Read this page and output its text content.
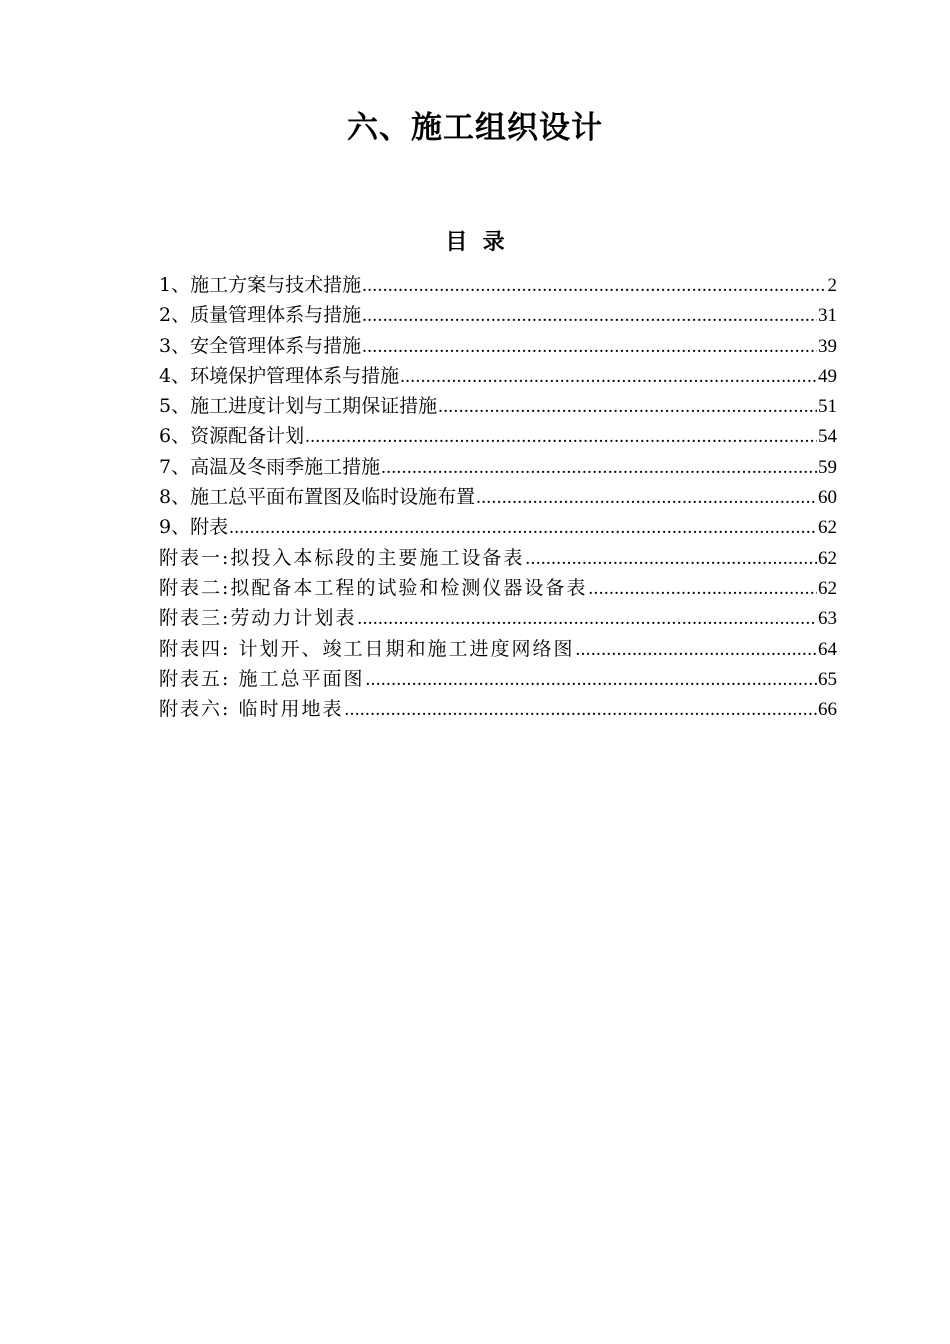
六、施工组织设计
目  录
1、施工方案与技术措施 .....	2
2、质量管理体系与措施 .....	31
3、安全管理体系与措施 .....	39
4、环境保护管理体系与措施 .....	49
5、施工进度计划与工期保证措施 .....	51
6、资源配备计划 .....	54
7、高温及冬雨季施工措施 .....	59
8、施工总平面布置图及临时设施布置 .....	60
9、附表 .....	62
附表一:拟投入本标段的主要施工设备表 .....	62
附表二:拟配备本工程的试验和检测仪器设备表 .....	62
附表三:劳动力计划表 .....	63
附表四: 计划开、竣工日期和施工进度网络图 .....	64
附表五: 施工总平面图 .....	65
附表六: 临时用地表 .....	66
